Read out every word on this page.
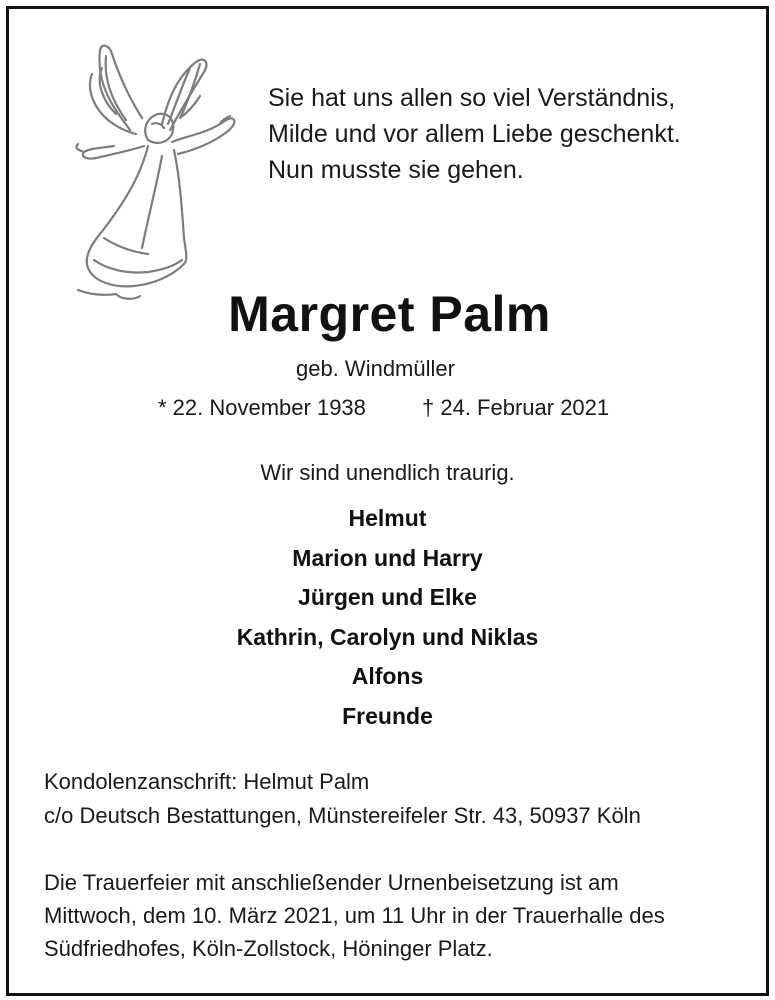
Sie hat uns allen so viel Verständnis,
Milde und vor allem Liebe geschenkt.
Nun musste sie gehen.
Margret Palm
geb. Windmüller
* 22. November 1938	† 24. Februar 2021
Wir sind unendlich traurig.
Helmut
Marion und Harry
Jürgen und Elke
Kathrin, Carolyn und Niklas
Alfons
Freunde
Kondolenzanschrift: Helmut Palm
c/o Deutsch Bestattungen, Münstereifeler Str. 43, 50937 Köln
Die Trauerfeier mit anschließender Urnenbeisetzung ist am
Mittwoch, dem 10. März 2021, um 11 Uhr in der Trauerhalle des
Südfriedhofes, Köln-Zollstock, Höninger Platz.
